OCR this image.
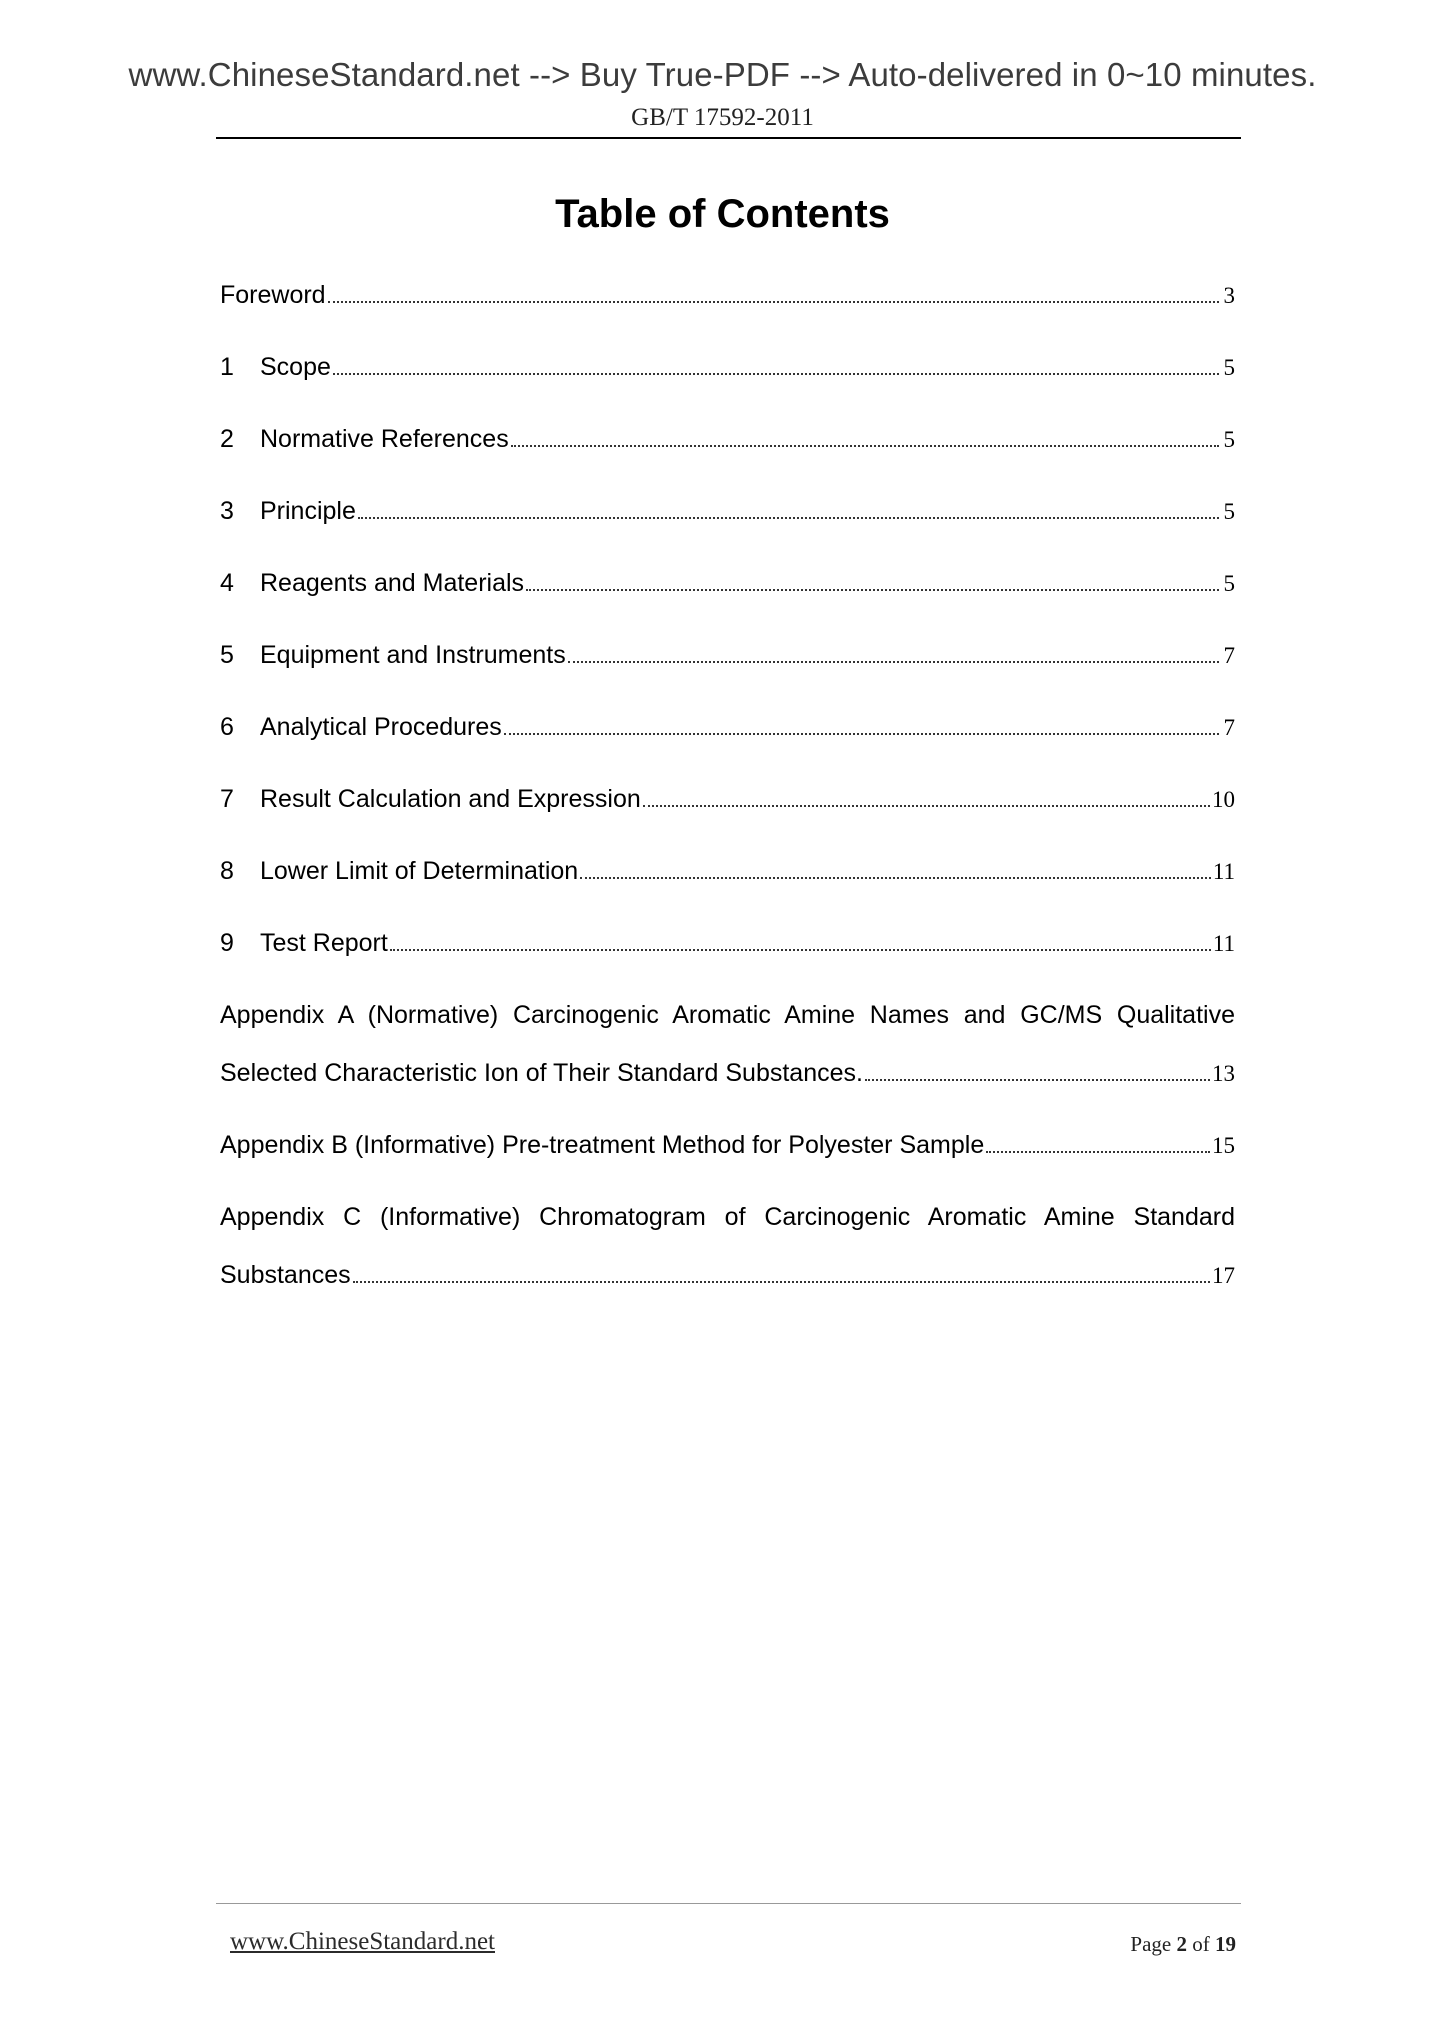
www.ChineseStandard.net --> Buy True-PDF --> Auto-delivered in 0~10 minutes.
GB/T 17592-2011
Table of Contents
Foreword	3
1	Scope	5
2	Normative References	5
3	Principle	5
4	Reagents and Materials	5
5	Equipment and Instruments	7
6	Analytical Procedures	7
7	Result Calculation and Expression	10
8	Lower Limit of Determination	11
9	Test Report	11
Appendix A (Normative) Carcinogenic Aromatic Amine Names and GC/MS Qualitative
Selected Characteristic Ion of Their Standard Substances.	13
Appendix B (Informative) Pre-treatment Method for Polyester Sample	15
Appendix C (Informative) Chromatogram of Carcinogenic Aromatic Amine Standard
Substances	17
www.ChineseStandard.net	Page 2 of 19
